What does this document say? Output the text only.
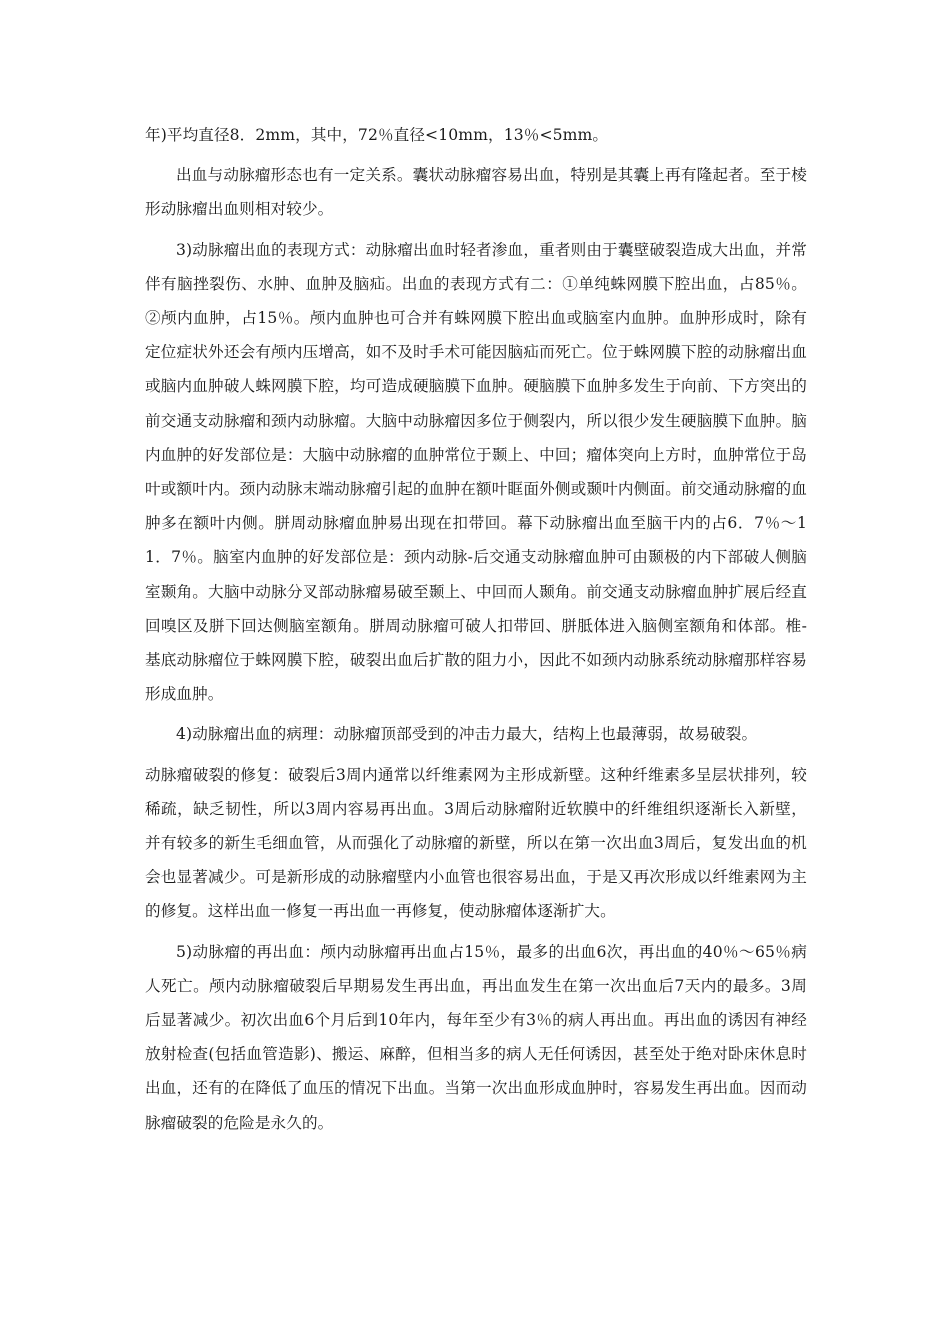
年)平均直径8．2mm，其中，72％直径<10mm，13％<5mm。

出血与动脉瘤形态也有一定关系。囊状动脉瘤容易出血，特别是其囊上再有隆起者。至于棱形动脉瘤出血则相对较少。

3)动脉瘤出血的表现方式：动脉瘤出血时轻者渗血，重者则由于囊壁破裂造成大出血，并常伴有脑挫裂伤、水肿、血肿及脑疝。出血的表现方式有二：①单纯蛛网膜下腔出血，占85％。②颅内血肿，占15％。颅内血肿也可合并有蛛网膜下腔出血或脑室内血肿。血肿形成时，除有定位症状外还会有颅内压增高，如不及时手术可能因脑疝而死亡。位于蛛网膜下腔的动脉瘤出血或脑内血肿破人蛛网膜下腔，均可造成硬脑膜下血肿。硬脑膜下血肿多发生于向前、下方突出的前交通支动脉瘤和颈内动脉瘤。大脑中动脉瘤因多位于侧裂内，所以很少发生硬脑膜下血肿。脑内血肿的好发部位是：大脑中动脉瘤的血肿常位于颞上、中回；瘤体突向上方时，血肿常位于岛叶或额叶内。颈内动脉末端动脉瘤引起的血肿在额叶眶面外侧或颞叶内侧面。前交通动脉瘤的血肿多在额叶内侧。胼周动脉瘤血肿易出现在扣带回。幕下动脉瘤出血至脑干内的占6．7％～11．7％。脑室内血肿的好发部位是：颈内动脉-后交通支动脉瘤血肿可由颞极的内下部破人侧脑室颞角。大脑中动脉分叉部动脉瘤易破至颞上、中回而人颞角。前交通支动脉瘤血肿扩展后经直回嗅区及胼下回达侧脑室额角。胼周动脉瘤可破人扣带回、胼胝体进入脑侧室额角和体部。椎-基底动脉瘤位于蛛网膜下腔，破裂出血后扩散的阻力小，因此不如颈内动脉系统动脉瘤那样容易形成血肿。

4)动脉瘤出血的病理：动脉瘤顶部受到的冲击力最大，结构上也最薄弱，故易破裂。

动脉瘤破裂的修复：破裂后3周内通常以纤维素网为主形成新壁。这种纤维素多呈层状排列，较稀疏，缺乏韧性，所以3周内容易再出血。3周后动脉瘤附近软膜中的纤维组织逐渐长入新壁，并有较多的新生毛细血管，从而强化了动脉瘤的新壁，所以在第一次出血3周后，复发出血的机会也显著减少。可是新形成的动脉瘤壁内小血管也很容易出血，于是又再次形成以纤维素网为主的修复。这样出血一修复一再出血一再修复，使动脉瘤体逐渐扩大。

5)动脉瘤的再出血：颅内动脉瘤再出血占15％，最多的出血6次，再出血的40％～65％病人死亡。颅内动脉瘤破裂后早期易发生再出血，再出血发生在第一次出血后7天内的最多。3周后显著减少。初次出血6个月后到10年内，每年至少有3％的病人再出血。再出血的诱因有神经放射检查(包括血管造影)、搬运、麻醉，但相当多的病人无任何诱因，甚至处于绝对卧床休息时出血，还有的在降低了血压的情况下出血。当第一次出血形成血肿时，容易发生再出血。因而动脉瘤破裂的危险是永久的。
